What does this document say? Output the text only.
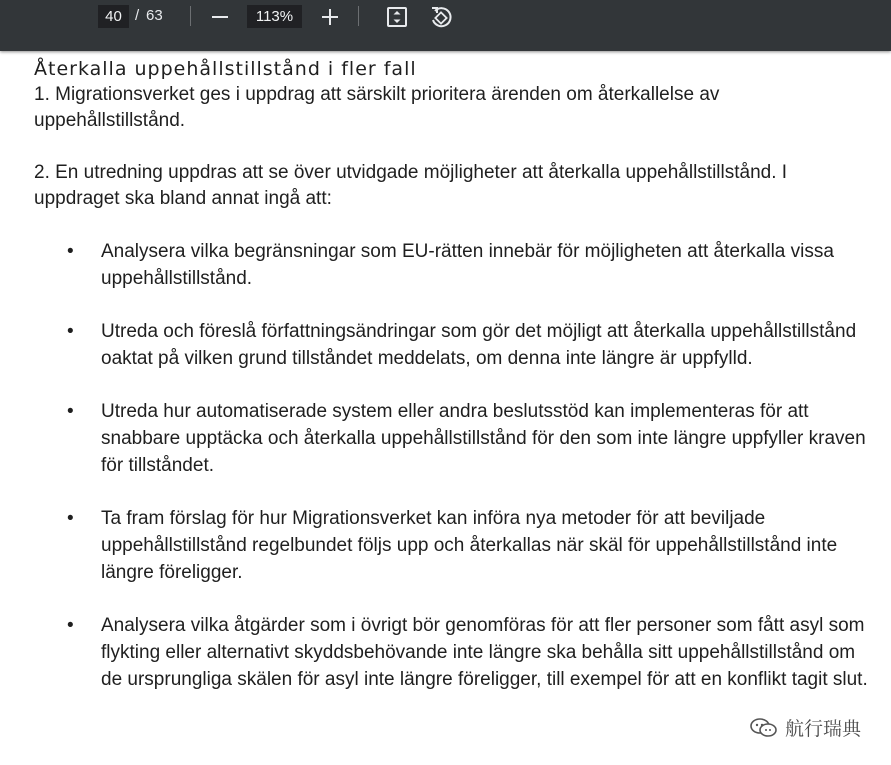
40
/ 63
113%

Återkalla uppehållstillstånd i fler fall

1. Migrationsverket ges i uppdrag att särskilt prioritera ärenden om återkallelse av uppehållstillstånd.

2. En utredning uppdras att se över utvidgade möjligheter att återkalla uppehållstillstånd. I uppdraget ska bland annat ingå att:

• Analysera vilka begränsningar som EU-rätten innebär för möjligheten att återkalla vissa uppehållstillstånd.
• Utreda och föreslå författningsändringar som gör det möjligt att återkalla uppehållstillstånd oaktat på vilken grund tillståndet meddelats, om denna inte längre är uppfylld.
• Utreda hur automatiserade system eller andra beslutsstöd kan implementeras för att snabbare upptäcka och återkalla uppehållstillstånd för den som inte längre uppfyller kraven för tillståndet.
• Ta fram förslag för hur Migrationsverket kan införa nya metoder för att beviljade uppehållstillstånd regelbundet följs upp och återkallas när skäl för uppehållstillstånd inte längre föreligger.
• Analysera vilka åtgärder som i övrigt bör genomföras för att fler personer som fått asyl som flykting eller alternativt skyddsbehövande inte längre ska behålla sitt uppehållstillstånd om de ursprungliga skälen för asyl inte längre föreligger, till exempel för att en konflikt tagit slut.
航行瑞典
